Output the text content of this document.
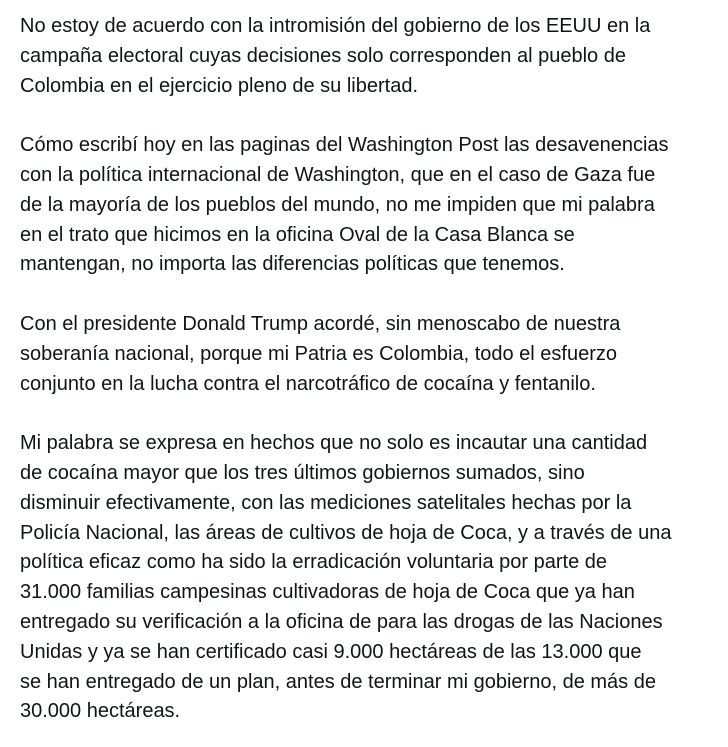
No estoy de acuerdo con la intromisión del gobierno de los EEUU en la
campaña electoral cuyas decisiones solo corresponden al pueblo de
Colombia en el ejercicio pleno de su libertad.

Cómo escribí hoy en las paginas del Washington Post las desavenencias
con la política internacional de Washington, que en el caso de Gaza fue
de la mayoría de los pueblos del mundo, no me impiden que mi palabra
en el trato que hicimos en la oficina Oval de la Casa Blanca se
mantengan, no importa las diferencias políticas que tenemos.

Con el presidente Donald Trump acordé, sin menoscabo de nuestra
soberanía nacional, porque mi Patria es Colombia, todo el esfuerzo
conjunto en la lucha contra el narcotráfico de cocaína y fentanilo.

Mi palabra se expresa en hechos que no solo es incautar una cantidad
de cocaína mayor que los tres últimos gobiernos sumados, sino
disminuir efectivamente, con las mediciones satelitales hechas por la
Policía Nacional, las áreas de cultivos de hoja de Coca, y a través de una
política eficaz como ha sido la erradicación voluntaria por parte de
31.000 familias campesinas cultivadoras de hoja de Coca que ya han
entregado su verificación a la oficina de para las drogas de las Naciones
Unidas y ya se han certificado casi 9.000 hectáreas de las 13.000 que
se han entregado de un plan, antes de terminar mi gobierno, de más de
30.000 hectáreas.
